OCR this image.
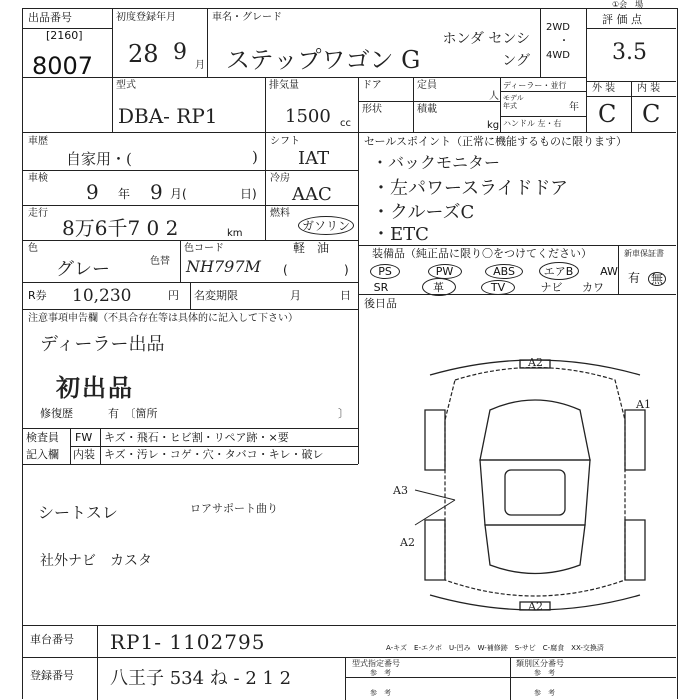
出品番号
[2160]
8007
初度登録年月
28 9
月
車名・グレード
ステップワゴン G
ホンダ センシング
2WD
・
4WD
評 価 点
①会　場
3.5
型式
DBA- RP1
排気量
1500 cc
ドア	定員
人
形状	積載
kg
ディーラー・並行
モデル
年式	年
ハンドル 左・右
外 装 内 装
C C
車歴
自家用・(	)
シフト
IAT
車検
9 年 9 月(	日)
冷房
AAC
走行
8万6千7 0 2	km
燃料
ガソリン
軽　油
色
グレー	色替
色コード
NH797M (	)
R券 10,230	円 名変期限	月	日
セールスポイント（正常に機能するものに限ります）
・バックモニター
・左パワースライドドア
・クルーズC
・ETC
装備品（純正品に限り〇をつけてください）
PS	PW	ABS	エアB AW
SR	革	TV	ナビ カワ
新車保証書
有 無
後日品
注意事項申告欄（不具合存在等は具体的に記入して下さい）
ディーラー出品
初出品
修復歴	有　〔箇所	〕
検査員
記入欄
FW キズ・飛石・ヒビ割・リペア跡・×要
内装 キズ・汚レ・コゲ・穴・タバコ・キレ・破レ
シートスレ	ロアサポート曲り
社外ナビ　カスタ
A2
A1
A3
A2
A2
車台番号 RP1- 1102795	A-キズ　E-エクボ　U-凹み　W-補修跡　S-サビ　C-腐食　XX-交換済
登録番号 八王子 534 ね - 2 1 2
型式指定番号
参　考
類別区分番号
参　考
参　考	参　考
